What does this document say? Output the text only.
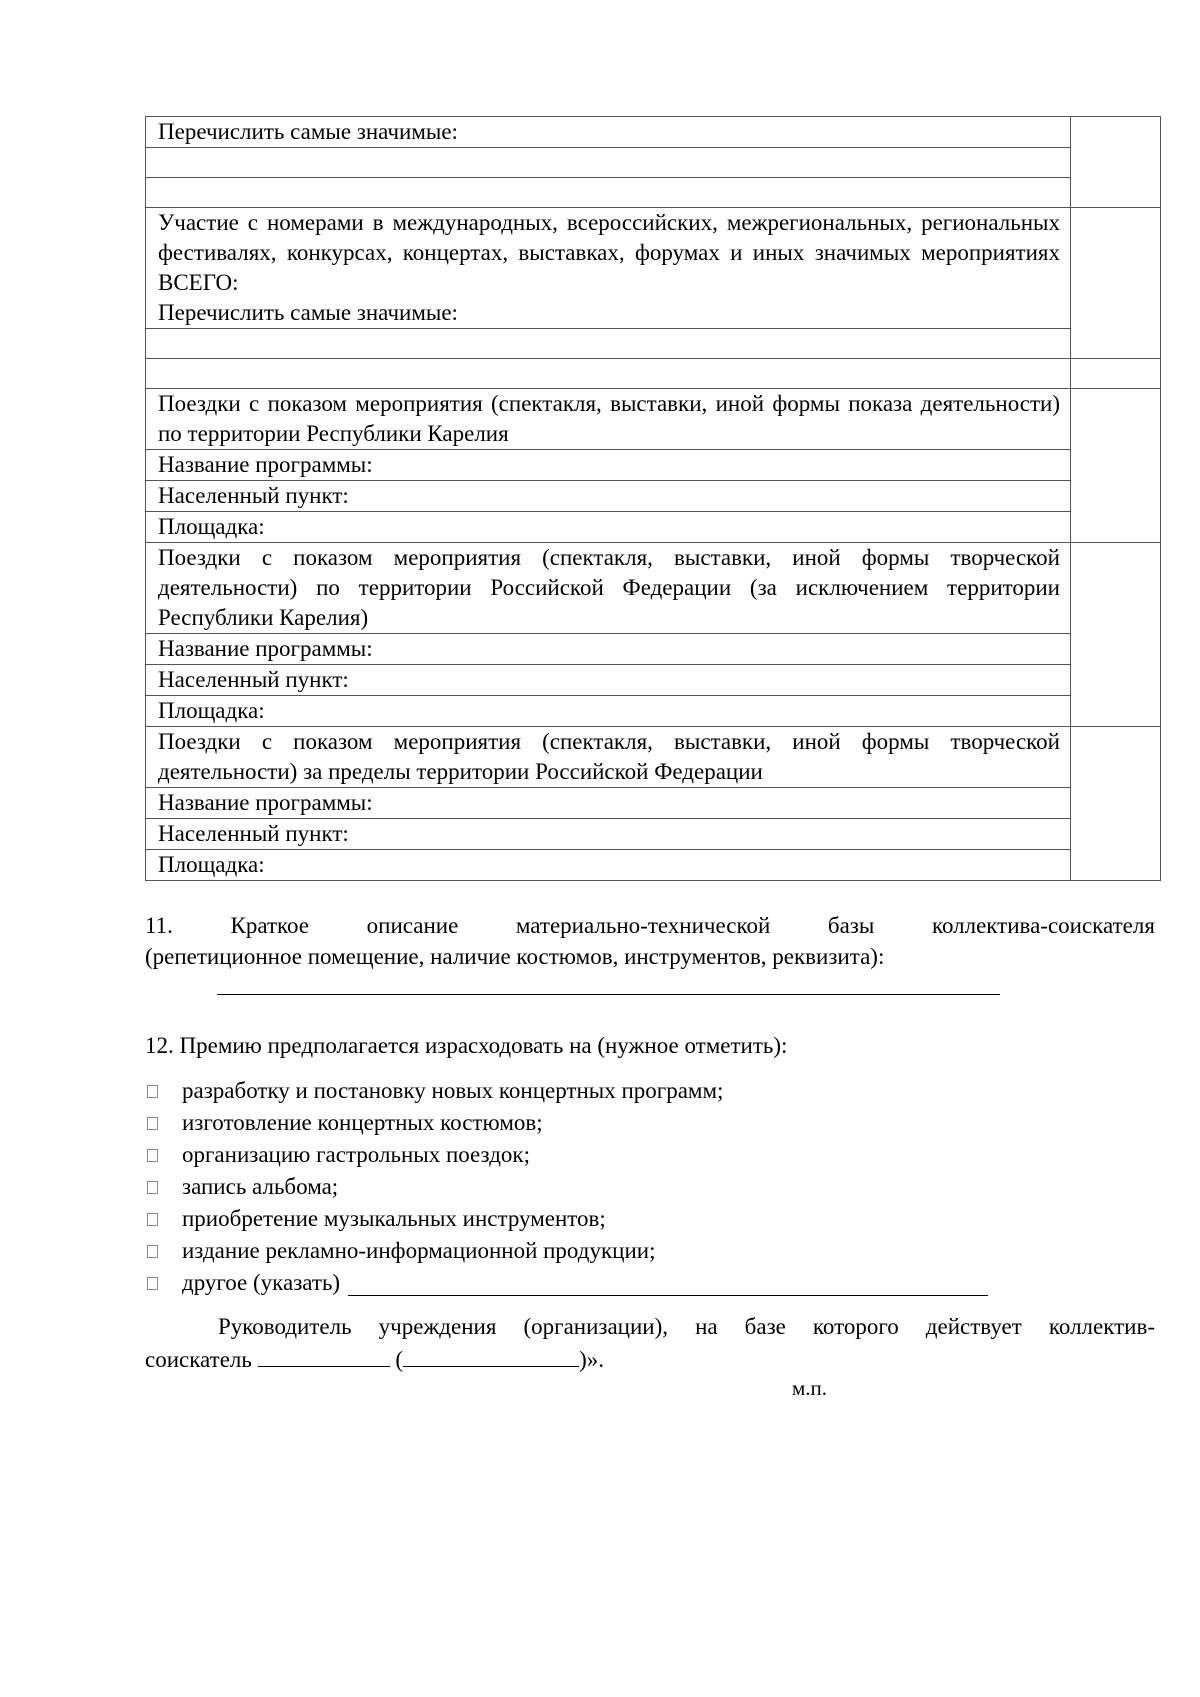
Перечислить самые значимые:	

Участие с номерами в международных, всероссийских, межрегиональных, региональных фестивалях, конкурсах, концертах, выставках, форумах и иных значимых мероприятиях ВСЕГО:
Перечислить самые значимые:	

Поездки с показом мероприятия (спектакля, выставки, иной формы показа деятельности) по территории Республики Карелия	
Название программы:	
Населенный пункт:	
Площадка:	
Поездки с показом мероприятия (спектакля, выставки, иной формы творческой деятельности) по территории Российской Федерации (за исключением территории Республики Карелия)	
Название программы:	
Населенный пункт:	
Площадка:	
Поездки с показом мероприятия (спектакля, выставки, иной формы творческой деятельности) за пределы территории Российской Федерации	
Название программы:	
Населенный пункт:	
Площадка:	
11.	Краткое	описание	материально-технической	базы	коллектива-соискателя
(репетиционное помещение, наличие костюмов, инструментов, реквизита):
12. Премию предполагается израсходовать на (нужное отметить):
разработку и постановку новых концертных программ;
изготовление концертных костюмов;
организацию гастрольных поездок;
запись альбома;
приобретение музыкальных инструментов;
издание рекламно-информационной продукции;
другое (указать)
Руководитель учреждения (организации), на базе которого действует коллектив-
соискатель	(	)».
м.п.
